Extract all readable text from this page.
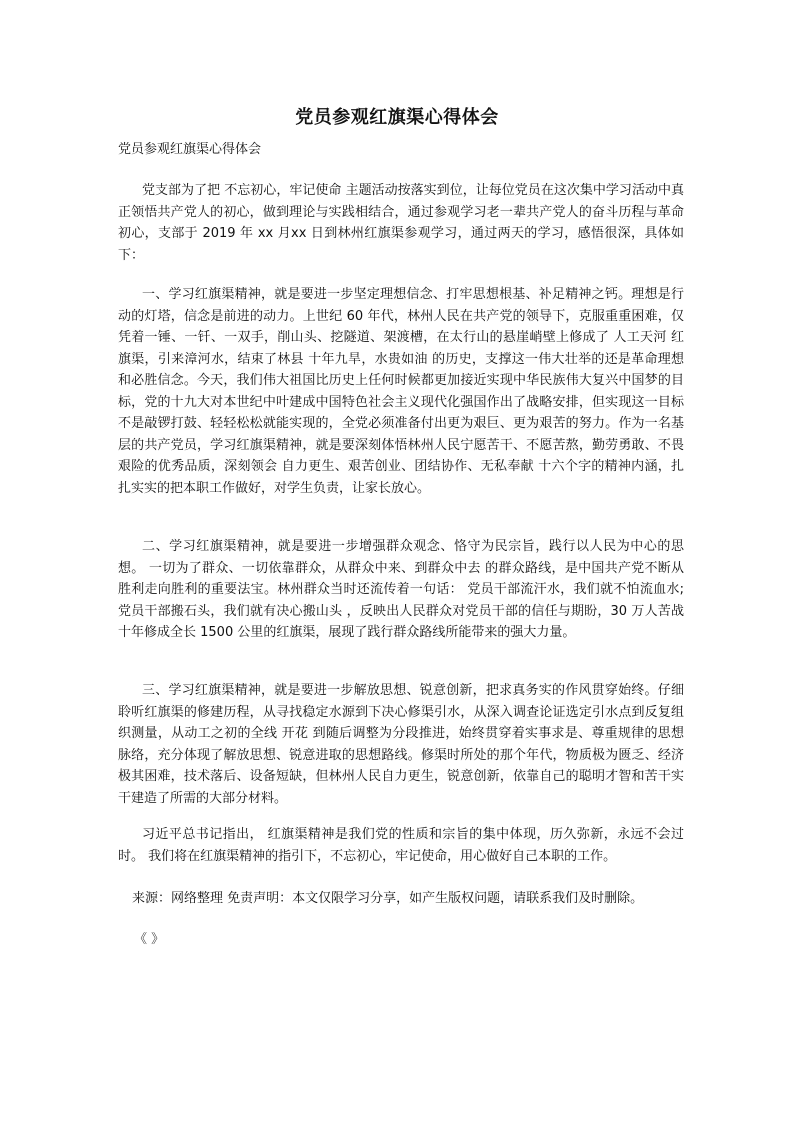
党员参观红旗渠心得体会
党员参观红旗渠心得体会

党支部为了把 不忘初心，牢记使命 主题活动按落实到位，让每位党员在这次集中学习活动中真正领悟共产党人的初心，做到理论与实践相结合，通过参观学习老一辈共产党人的奋斗历程与革命初心，支部于 2019 年 xx 月xx 日到林州红旗渠参观学习，通过两天的学习，感悟很深，具体如下：

一、学习红旗渠精神，就是要进一步坚定理想信念、打牢思想根基、补足精神之钙。理想是行动的灯塔，信念是前进的动力。上世纪 60 年代，林州人民在共产党的领导下，克服重重困难，仅凭着一锤、一钎、一双手，削山头、挖隧道、架渡槽，在太行山的悬崖峭壁上修成了 人工天河 红旗渠，引来漳河水，结束了林县 十年九旱，水贵如油 的历史，支撑这一伟大壮举的还是革命理想和必胜信念。今天，我们伟大祖国比历史上任何时候都更加接近实现中华民族伟大复兴中国梦的目标，党的十九大对本世纪中叶建成中国特色社会主义现代化强国作出了战略安排，但实现这一目标不是敲锣打鼓、轻轻松松就能实现的，全党必须准备付出更为艰巨、更为艰苦的努力。作为一名基层的共产党员，学习红旗渠精神，就是要深刻体悟林州人民宁愿苦干、不愿苦熬，勤劳勇敢、不畏艰险的优秀品质，深刻领会 自力更生、艰苦创业、团结协作、无私奉献 十六个字的精神内涵，扎扎实实的把本职工作做好，对学生负责，让家长放心。

二、学习红旗渠精神，就是要进一步增强群众观念、恪守为民宗旨，践行以人民为中心的思想。 一切为了群众、一切依靠群众，从群众中来、到群众中去 的群众路线，是中国共产党不断从胜利走向胜利的重要法宝。林州群众当时还流传着一句话： 党员干部流汗水，我们就不怕流血水;党员干部搬石头，我们就有决心搬山头 ，反映出人民群众对党员干部的信任与期盼，30 万人苦战十年修成全长 1500 公里的红旗渠，展现了践行群众路线所能带来的强大力量。

三、学习红旗渠精神，就是要进一步解放思想、锐意创新，把求真务实的作风贯穿始终。仔细聆听红旗渠的修建历程，从寻找稳定水源到下决心修渠引水，从深入调查论证选定引水点到反复组织测量，从动工之初的全线 开花 到随后调整为分段推进，始终贯穿着实事求是、尊重规律的思想脉络，充分体现了解放思想、锐意进取的思想路线。修渠时所处的那个年代，物质极为匮乏、经济极其困难，技术落后、设备短缺，但林州人民自力更生，锐意创新，依靠自己的聪明才智和苦干实干建造了所需的大部分材料。

习近平总书记指出， 红旗渠精神是我们党的性质和宗旨的集中体现，历久弥新，永远不会过时。 我们将在红旗渠精神的指引下，不忘初心，牢记使命，用心做好自己本职的工作。

来源：网络整理 免责声明：本文仅限学习分享，如产生版权问题，请联系我们及时删除。

《 》
